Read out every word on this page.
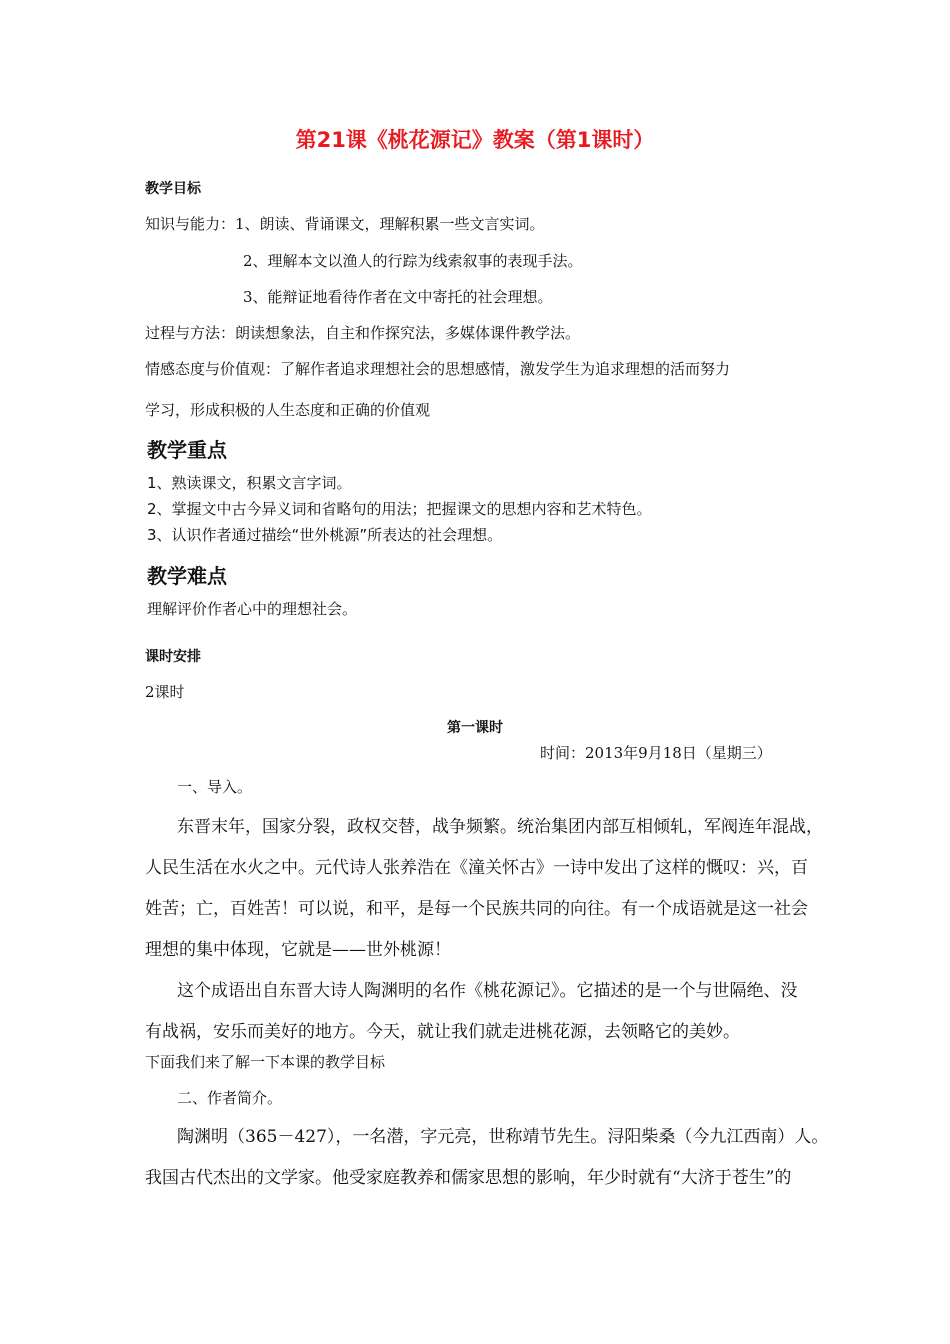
第21课《桃花源记》教案（第1课时）
教学目标
知识与能力：1、朗读、背诵课文，理解积累一些文言实词。
2、理解本文以渔人的行踪为线索叙事的表现手法。
3、能辩证地看待作者在文中寄托的社会理想。
过程与方法：朗读想象法，自主和作探究法，多媒体课件教学法。
情感态度与价值观：了解作者追求理想社会的思想感情，激发学生为追求理想的活而努力
学习，形成积极的人生态度和正确的价值观
教学重点
1、熟读课文，积累文言字词。
2、掌握文中古今异义词和省略句的用法；把握课文的思想内容和艺术特色。
3、认识作者通过描绘“世外桃源”所表达的社会理想。
教学难点
理解评价作者心中的理想社会。
课时安排
2课时
第一课时
时间：2013年9月18日（星期三）
一、导入。
东晋末年，国家分裂，政权交替，战争频繁。统治集团内部互相倾轧，军阀连年混战，
人民生活在水火之中。元代诗人张养浩在《潼关怀古》一诗中发出了这样的慨叹：兴，百
姓苦；亡，百姓苦！可以说，和平，是每一个民族共同的向往。有一个成语就是这一社会
理想的集中体现，它就是——世外桃源！
这个成语出自东晋大诗人陶渊明的名作《桃花源记》。它描述的是一个与世隔绝、没
有战祸，安乐而美好的地方。今天，就让我们就走进桃花源，去领略它的美妙。
下面我们来了解一下本课的教学目标
二、作者简介。
陶渊明（365－427），一名潜，字元亮，世称靖节先生。浔阳柴桑（今九江西南）人。
我国古代杰出的文学家。他受家庭教养和儒家思想的影响，年少时就有“大济于苍生”的
